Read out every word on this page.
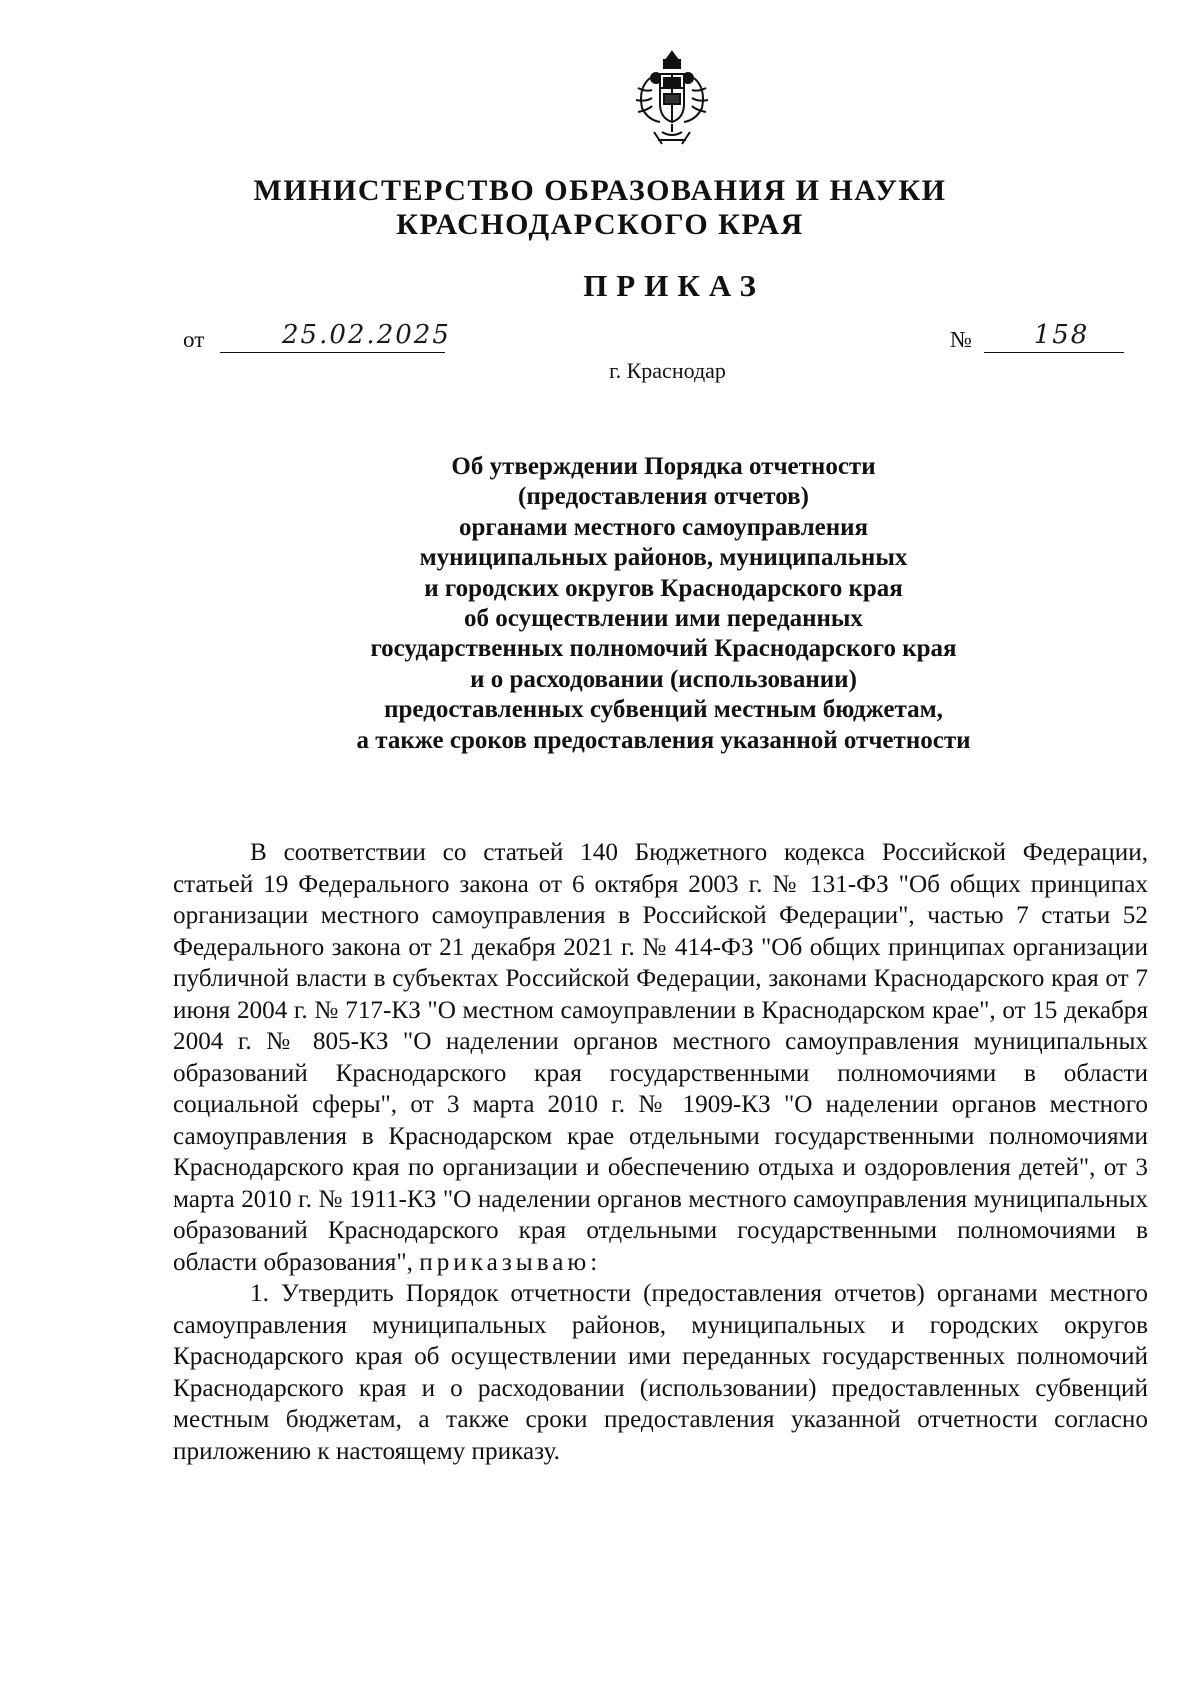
МИНИСТЕРСТВО ОБРАЗОВАНИЯ И НАУКИ
КРАСНОДАРСКОГО КРАЯ
ПРИКАЗ
от	25.02.2025	№ 158
г. Краснодар
Об утверждении Порядка отчетности
(предоставления отчетов)
органами местного самоуправления
муниципальных районов, муниципальных
и городских округов Краснодарского края
об осуществлении ими переданных
государственных полномочий Краснодарского края
и о расходовании (использовании)
предоставленных субвенций местным бюджетам,
а также сроков предоставления указанной отчетности

В соответствии со статьей 140 Бюджетного кодекса Российской Федерации, статьей 19 Федерального закона от 6 октября 2003 г. № 131-ФЗ "Об общих принципах организации местного самоуправления в Российской Федерации", частью 7 статьи 52 Федерального закона от 21 декабря 2021 г. № 414-ФЗ "Об общих принципах организации публичной власти в субъектах Российской Федерации, законами Краснодарского края от 7 июня 2004 г. № 717-КЗ "О местном самоуправлении в Краснодарском крае", от 15 декабря 2004 г. № 805-КЗ "О наделении органов местного самоуправления муниципальных образований Краснодарского края государственными полномочиями в области социальной сферы", от 3 марта 2010 г. № 1909-КЗ "О наделении органов местного самоуправления в Краснодарском крае отдельными государственными полномочиями Краснодарского края по организации и обеспечению отдыха и оздоровления детей", от 3 марта 2010 г. № 1911-КЗ "О наделении органов местного самоуправления муниципальных образований Краснодарского края отдельными государственными полномочиями в области образования", приказываю:

1. Утвердить Порядок отчетности (предоставления отчетов) органами местного самоуправления муниципальных районов, муниципальных и городских округов Краснодарского края об осуществлении ими переданных государственных полномочий Краснодарского края и о расходовании (использовании) предоставленных субвенций местным бюджетам, а также сроки предоставления указанной отчетности согласно приложению к настоящему приказу.
